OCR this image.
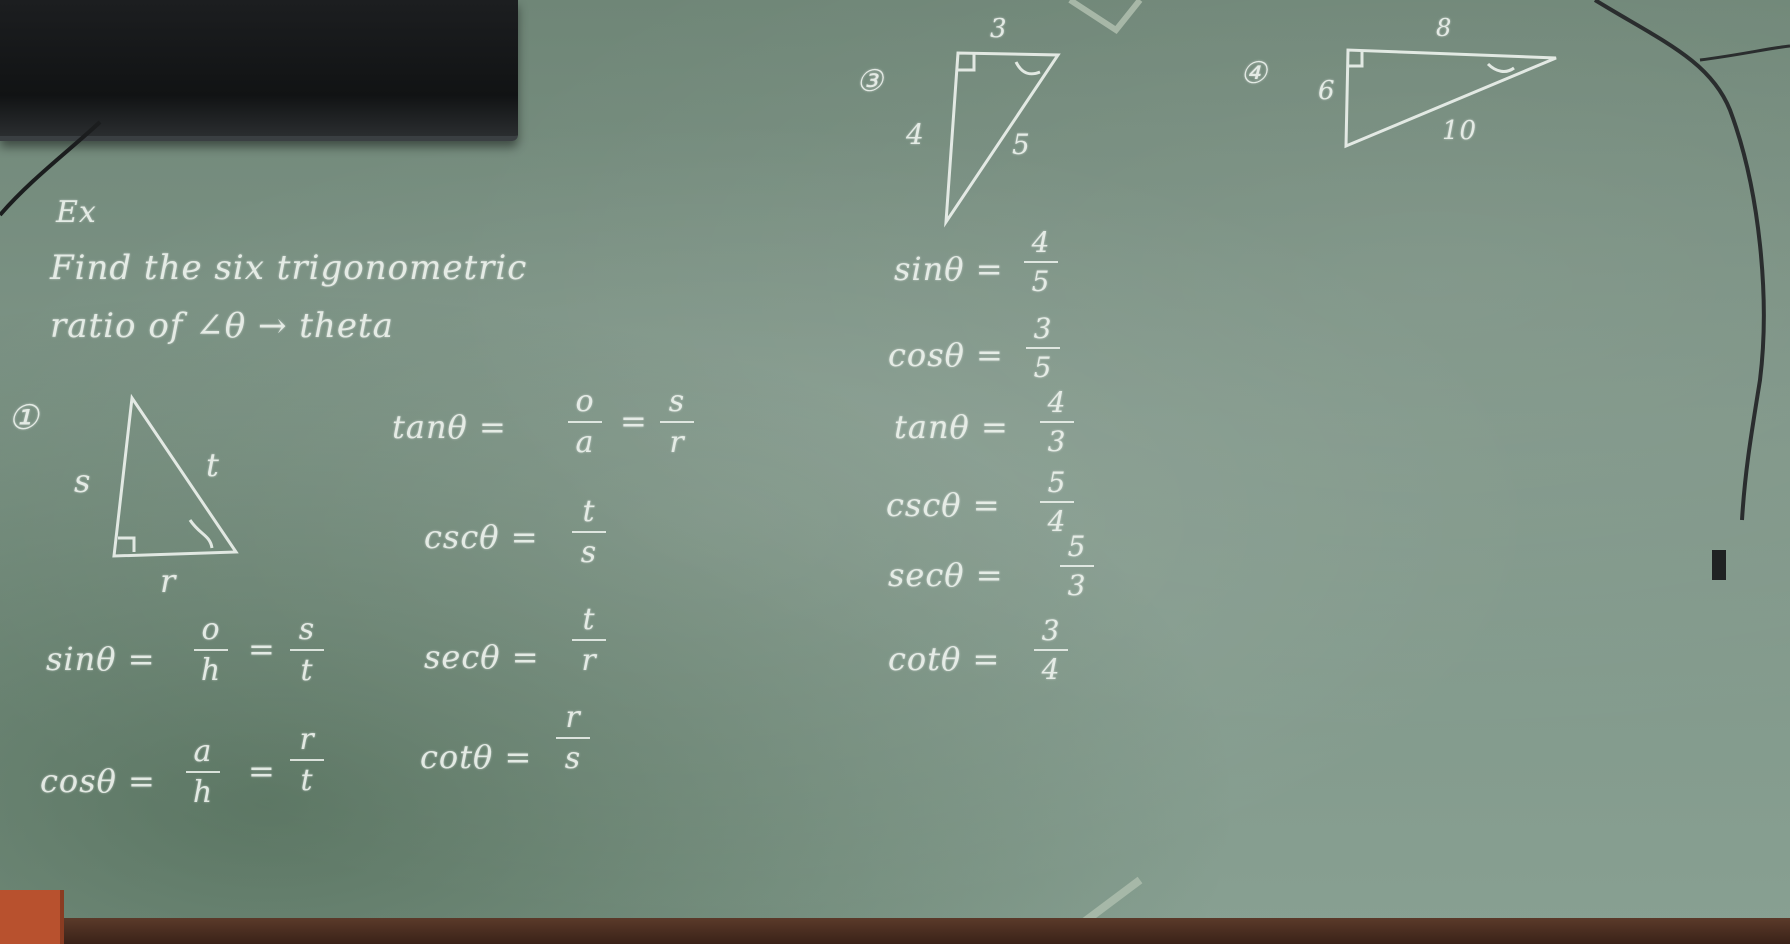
Ex
Find the six trigonometric
ratio of ∠θ → theta
①
s	t
r
sinθ =
o
h
=
s
t
cosθ =
a
h
=
r
t
tanθ =
o
a
=
s
r
cscθ =
t
s
secθ =
t
r
cotθ =
r
s
③
3
4	5
sinθ =
4
5
cosθ =
3
5
tanθ =
4
3
cscθ =
5
4
secθ =
5
3
cotθ =
3
4
④ 6
8
10
